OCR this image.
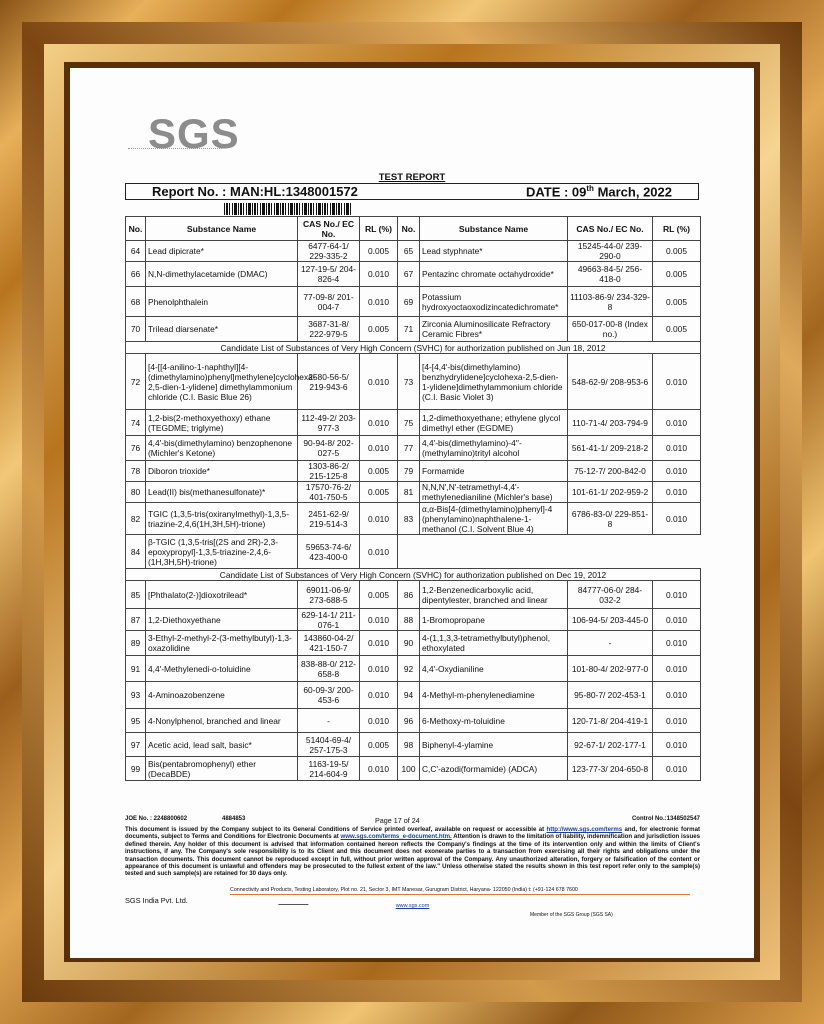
SGS
TEST REPORT
Report No. : MAN:HL:1348001572	DATE : 09th March, 2022
No.	Substance Name	CAS No./ EC No.	RL (%)	No.	Substance Name	CAS No./ EC No.	RL (%)
64	Lead dipicrate*	6477-64-1/ 229-335-2	0.005	65	Lead styphnate*	15245-44-0/ 239-290-0	0.005
66	N,N-dimethylacetamide (DMAC)	127-19-5/ 204-826-4	0.010	67	Pentazinc chromate octahydroxide*	49663-84-5/ 256-418-0	0.005
68	Phenolphthalein	77-09-8/ 201-004-7	0.010	69	Potassium hydroxyoctaoxodizincatedichromate*	11103-86-9/ 234-329-8	0.005
70	Trilead diarsenate*	3687-31-8/ 222-979-5	0.005	71	Zirconia Aluminosilicate Refractory Ceramic Fibres*	650-017-00-8 (Index no.)	0.005
Candidate List of Substances of Very High Concern (SVHC) for authorization published on Jun 18, 2012							
72	[4-[[4-anilino-1-naphthyl][4-(dimethylamino)phenyl]methylene]cyclohexa-2,5-dien-1-ylidene] dimethylammonium chloride (C.I. Basic Blue 26)	2580-56-5/ 219-943-6	0.010	73	[4-[4,4'-bis(dimethylamino) benzhydrylidene]cyclohexa-2,5-dien-1-ylidene]dimethylammonium chloride (C.I. Basic Violet 3)	548-62-9/ 208-953-6	0.010
74	1,2-bis(2-methoxyethoxy) ethane (TEGDME; triglyme)	112-49-2/ 203-977-3	0.010	75	1,2-dimethoxyethane; ethylene glycol dimethyl ether (EGDME)	110-71-4/ 203-794-9	0.010
76	4,4'-bis(dimethylamino) benzophenone (Michler's Ketone)	90-94-8/ 202-027-5	0.010	77	4,4'-bis(dimethylamino)-4''-(methylamino)trityl alcohol	561-41-1/ 209-218-2	0.010
78	Diboron trioxide*	1303-86-2/ 215-125-8	0.005	79	Formamide	75-12-7/ 200-842-0	0.010
80	Lead(II) bis(methanesulfonate)*	17570-76-2/ 401-750-5	0.005	81	N,N,N',N'-tetramethyl-4,4'-methylenedianiline (Michler's base)	101-61-1/ 202-959-2	0.010
82	TGIC (1,3,5-tris(oxiranylmethyl)-1,3,5-triazine-2,4,6(1H,3H,5H)-trione)	2451-62-9/ 219-514-3	0.010	83	α,α-Bis[4-(dimethylamino)phenyl]-4 (phenylamino)naphthalene-1-methanol (C.I. Solvent Blue 4)	6786-83-0/ 229-851-8	0.010
84	β-TGIC (1,3,5-tris[(2S and 2R)-2,3-epoxypropyl]-1,3,5-triazine-2,4,6-(1H,3H,5H)-trione)	59653-74-6/ 423-400-0	0.010				
Candidate List of Substances of Very High Concern (SVHC) for authorization published on Dec 19, 2012							
85	[Phthalato(2-)]dioxotrilead*	69011-06-9/ 273-688-5	0.005	86	1,2-Benzenedicarboxylic acid, dipentylester, branched and linear	84777-06-0/ 284-032-2	0.010
87	1,2-Diethoxyethane	629-14-1/ 211-076-1	0.010	88	1-Bromopropane	106-94-5/ 203-445-0	0.010
89	3-Ethyl-2-methyl-2-(3-methylbutyl)-1,3-oxazolidine	143860-04-2/ 421-150-7	0.010	90	4-(1,1,3,3-tetramethylbutyl)phenol, ethoxylated	-	0.010
91	4,4'-Methylenedi-o-toluidine	838-88-0/ 212-658-8	0.010	92	4,4'-Oxydianiline	101-80-4/ 202-977-0	0.010
93	4-Aminoazobenzene	60-09-3/ 200-453-6	0.010	94	4-Methyl-m-phenylenediamine	95-80-7/ 202-453-1	0.010
95	4-Nonylphenol, branched and linear	-	0.010	96	6-Methoxy-m-toluidine	120-71-8/ 204-419-1	0.010
97	Acetic acid, lead salt, basic*	51404-69-4/ 257-175-3	0.005	98	Biphenyl-4-ylamine	92-67-1/ 202-177-1	0.010
99	Bis(pentabromophenyl) ether (DecaBDE)	1163-19-5/ 214-604-9	0.010	100	C,C'-azodi(formamide) (ADCA)	123-77-3/ 204-650-8	0.010
JOE No. : 2248800602	4884853	Page 17 of 24	Control No.:1348502547
This document is issued by the Company subject to its General Conditions of Service printed overleaf, available on request or accessible at http://www.sgs.com/terms and, for electronic format documents, subject to Terms and Conditions for Electronic Documents at www.sgs.com/terms_e-document.htm. Attention is drawn to the limitation of liability, indemnification and jurisdiction issues defined therein. Any holder of this document is advised that information contained hereon reflects the Company's findings at the time of its intervention only and within the limits of Client's instructions, if any. The Company's sole responsibility is to its Client and this document does not exonerate parties to a transaction from exercising all their rights and obligations under the transaction documents. This document cannot be reproduced except in full, without prior written approval of the Company. Any unauthorized alteration, forgery or falsification of the content or appearance of this document is unlawful and offenders may be prosecuted to the fullest extent of the law." Unless otherwise stated the results shown in this test report refer only to the sample(s) tested and such sample(s) are retained for 30 days only.
Connectivity and Products, Testing Laboratory, Plot no. 21, Sector 3, IMT Manesar, Gurugram District, Haryana- 122050 (India) t: (+91-124 678 7600
SGS India Pvt. Ltd.
www.sgs.com
Member of the SGS Group (SGS SA)
